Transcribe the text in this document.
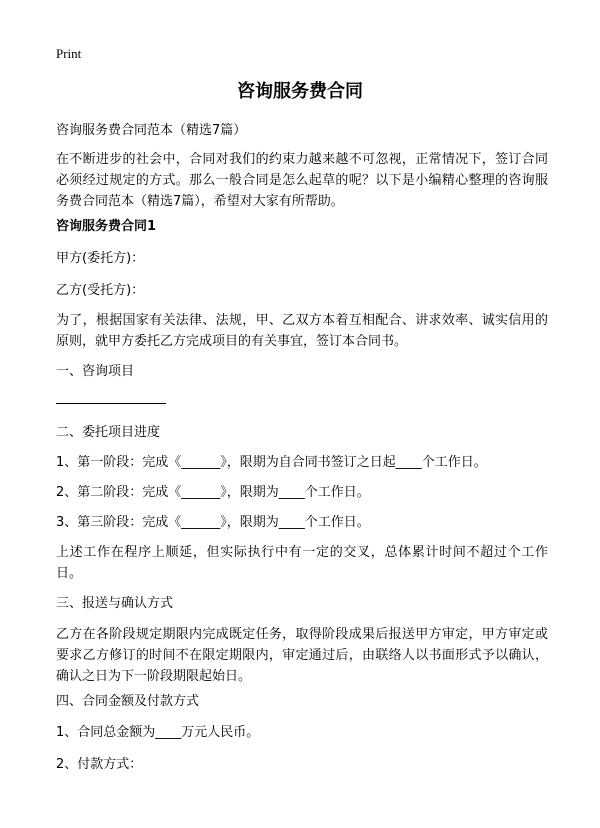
Print
咨询服务费合同

咨询服务费合同范本（精选7篇）

在不断进步的社会中，合同对我们的约束力越来越不可忽视，正常情况下，签订合同必须经过规定的方式。那么一般合同是怎么起草的呢？以下是小编精心整理的咨询服务费合同范本（精选7篇），希望对大家有所帮助。

咨询服务费合同1

甲方(委托方)：

乙方(受托方)：

为了，根据国家有关法律、法规，甲、乙双方本着互相配合、讲求效率、诚实信用的原则，就甲方委托乙方完成项目的有关事宜，签订本合同书。

一、咨询项目

二、委托项目进度

1、第一阶段：完成《______》，限期为自合同书签订之日起____个工作日。

2、第二阶段：完成《______》，限期为____个工作日。

3、第三阶段：完成《______》，限期为____个工作日。

上述工作在程序上顺延，但实际执行中有一定的交叉，总体累计时间不超过个工作日。

三、报送与确认方式

乙方在各阶段规定期限内完成既定任务，取得阶段成果后报送甲方审定，甲方审定或要求乙方修订的时间不在限定期限内，审定通过后，由联络人以书面形式予以确认，确认之日为下一阶段期限起始日。

四、合同金额及付款方式

1、合同总金额为____万元人民币。

2、付款方式：
